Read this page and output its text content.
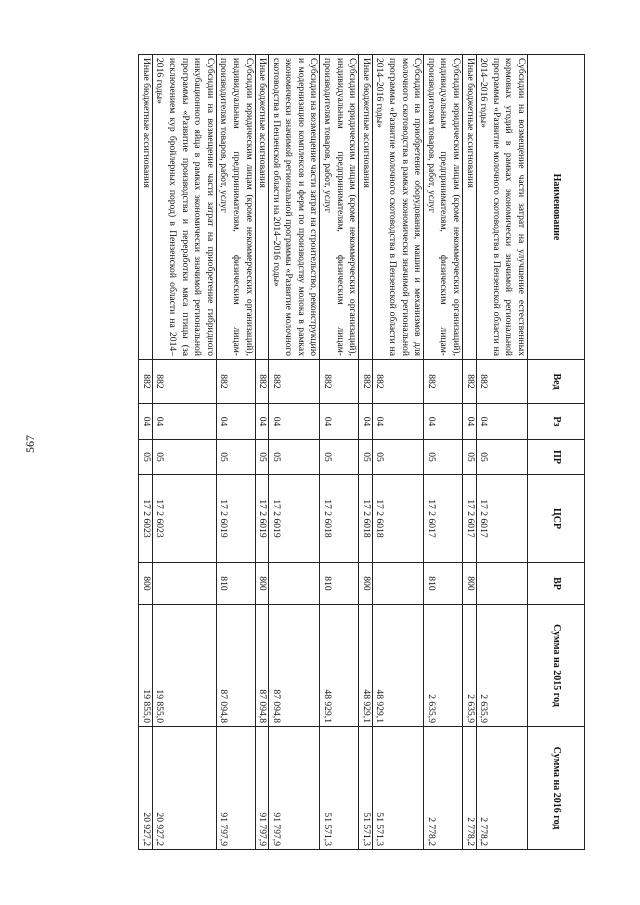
567
Наименование	Вед	Рз	ПР	ЦСР	ВР	Сумма на 2015 год	Сумма на 2016 год
Субсидии на возмещение части затрат на улучшение естественных кормовых угодий в рамках экономически значимой региональной программы «Развитие молочного скотоводства в Пензенской области на 2014–2016 годы»	882	04	05	17 2 6017		2 635,9	2 778,2
Иные бюджетные ассигнования	882	04	05	17 2 6017	800	2 635,9	2 778,2
Субсидии юридическим лицам (кроме некоммерческих организаций), индивидуальным предпринимателям, физическим лицам-производителям товаров, работ, услуг	882	04	05	17 2 6017	810	2 635,9	2 778,2
Субсидии на приобретение оборудования, машин и механизмов для молочного скотоводства в рамках экономически значимой региональной программы «Развитие молочного скотоводства в Пензенской области на 2014–2016 годы»	882	04	05	17 2 6018		48 929,1	51 571,3
Иные бюджетные ассигнования	882	04	05	17 2 6018	800	48 929,1	51 571,3
Субсидии юридическим лицам (кроме некоммерческих организаций), индивидуальным предпринимателям, физическим лицам-производителям товаров, работ, услуг	882	04	05	17 2 6018	810	48 929,1	51 571,3
Субсидии на возмещение части затрат на строительство, реконструкцию и модернизацию комплексов и ферм по производству молока в рамках экономически значимой региональной программы «Развитие молочного скотоводства в Пензенской области на 2014–2016 годы»	882	04	05	17 2 6019		87 094,8	91 797,9
Иные бюджетные ассигнования	882	04	05	17 2 6019	800	87 094,8	91 797,9
Субсидии юридическим лицам (кроме некоммерческих организаций), индивидуальным предпринимателям, физическим лицам-производителям товаров, работ, услуг	882	04	05	17 2 6019	810	87 094,8	91 797,9
Субсидии на возмещение части затрат на приобретение гибридного инкубационного яйца в рамках экономически значимой региональной программы «Развитие производства и переработки мяса птицы (за исключением кур бройлерных пород) в Пензенской области на 2014–2016 годы»	882	04	05	17 2 6023		19 855,0	20 927,2
Иные бюджетные ассигнования	882	04	05	17 2 6023	800	19 855,0	20 927,2
